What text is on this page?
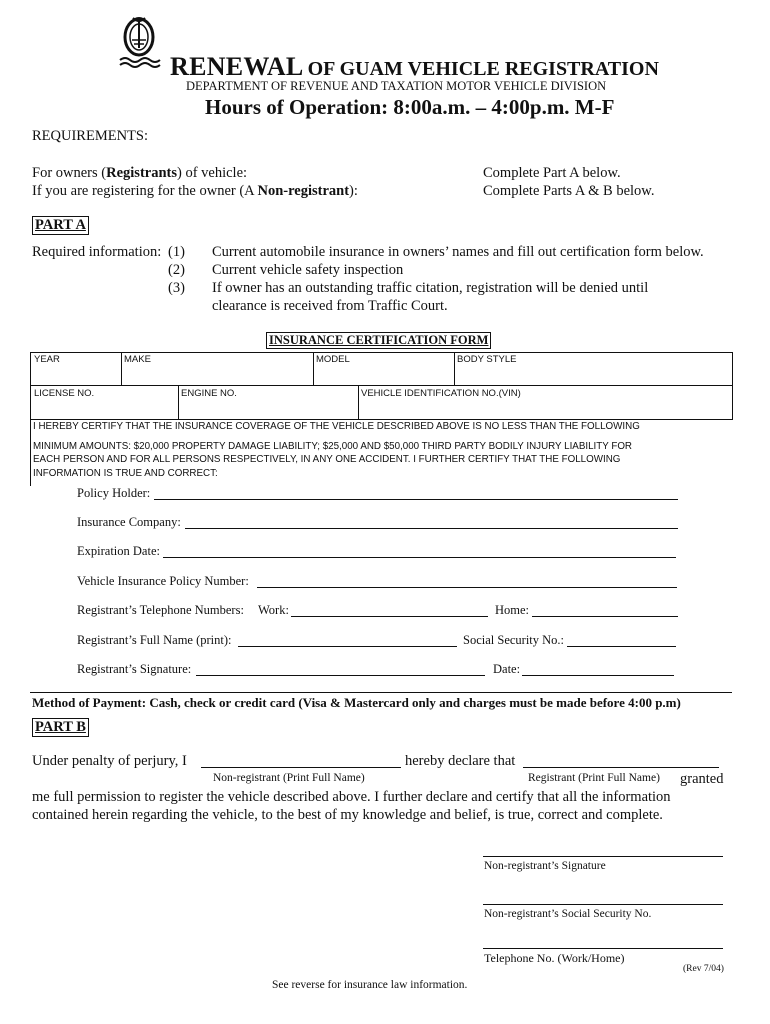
RENEWAL OF GUAM VEHICLE REGISTRATION
DEPARTMENT OF REVENUE AND TAXATION MOTOR VEHICLE DIVISION
Hours of Operation: 8:00a.m. – 4:00p.m. M-F
REQUIREMENTS:
For owners (Registrants) of vehicle:	Complete Part A below.
If you are registering for the owner (A Non-registrant):	Complete Parts A & B below.
PART A
Required information: (1) Current automobile insurance in owners’ names and fill out certification form below.
(2) Current vehicle safety inspection
(3) If owner has an outstanding traffic citation, registration will be denied until
clearance is received from Traffic Court.
INSURANCE CERTIFICATION FORM
YEAR	MAKE	MODEL	BODY STYLE
LICENSE NO.	ENGINE NO.	VEHICLE IDENTIFICATION NO.(VIN)
I HEREBY CERTIFY THAT THE INSURANCE COVERAGE OF THE VEHICLE DESCRIBED ABOVE IS NO LESS THAN THE FOLLOWING
MINIMUM AMOUNTS: $20,000 PROPERTY DAMAGE LIABILITY; $25,000 AND $50,000 THIRD PARTY BODILY INJURY LIABILITY FOR
EACH PERSON AND FOR ALL PERSONS RESPECTIVELY, IN ANY ONE ACCIDENT. I FURTHER CERTIFY THAT THE FOLLOWING
INFORMATION IS TRUE AND CORRECT:
Policy Holder:
Insurance Company:
Expiration Date:
Vehicle Insurance Policy Number:
Registrant’s Telephone Numbers: Work:	Home:
Registrant’s Full Name (print):	Social Security No.:
Registrant’s Signature:	Date:
Method of Payment: Cash, check or credit card (Visa & Mastercard only and charges must be made before 4:00 p.m)
PART B
Under penalty of perjury, I	hereby declare that
Non-registrant (Print Full Name)	Registrant (Print Full Name) granted
me full permission to register the vehicle described above. I further declare and certify that all the information
contained herein regarding the vehicle, to the best of my knowledge and belief, is true, correct and complete.
Non-registrant’s Signature
Non-registrant’s Social Security No.
Telephone No. (Work/Home)
(Rev 7/04)
See reverse for insurance law information.
